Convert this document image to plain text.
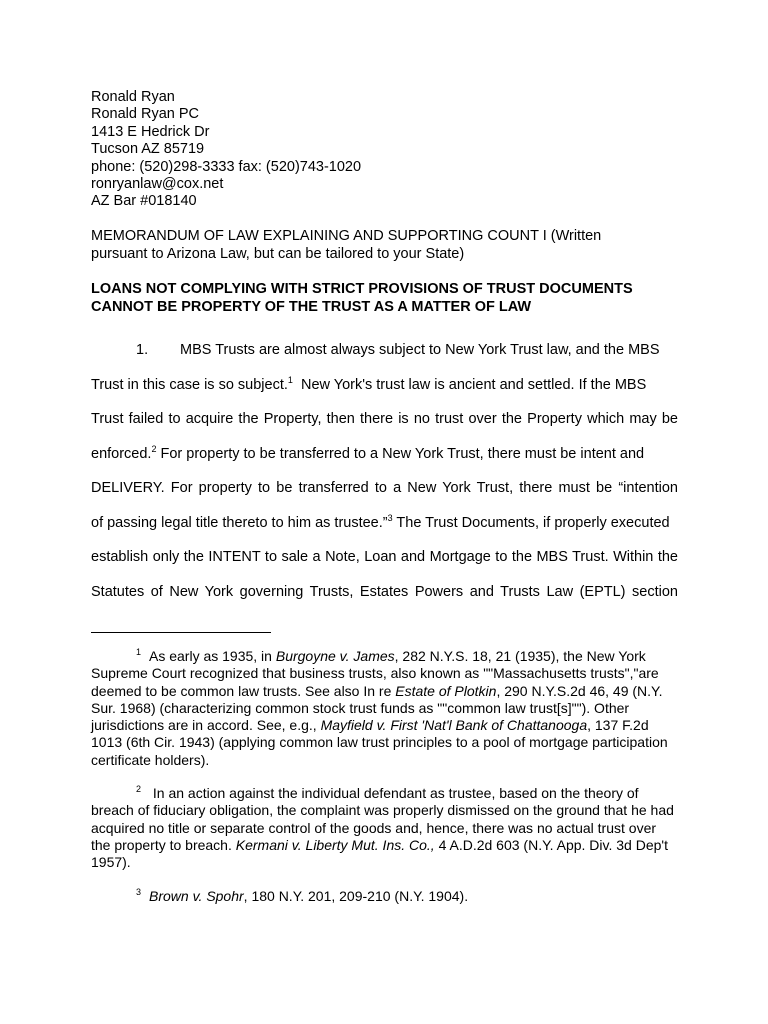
Ronald Ryan
Ronald Ryan PC
1413 E Hedrick Dr
Tucson AZ 85719
phone: (520)298-3333 fax: (520)743-1020
ronryanlaw@cox.net
AZ Bar #018140
MEMORANDUM OF LAW EXPLAINING AND SUPPORTING COUNT I (Written
pursuant to Arizona Law, but can be tailored to your State)
LOANS NOT COMPLYING WITH STRICT PROVISIONS OF TRUST DOCUMENTS
CANNOT BE PROPERTY OF THE TRUST AS A MATTER OF LAW
1. MBS Trusts are almost always subject to New York Trust law, and the MBS
Trust in this case is so subject.$^1$  New York's trust law is ancient and settled. If the MBS
Trust failed to acquire the Property, then there is no trust over the Property which may be
enforced.$^2$ For property to be transferred to a New York Trust, there must be intent and
DELIVERY. For property to be transferred to a New York Trust, there must be “intention
of passing legal title thereto to him as trustee.”$^3$ The Trust Documents, if properly executed
establish only the INTENT to sale a Note, Loan and Mortgage to the MBS Trust. Within the
Statutes of New York governing Trusts, Estates Powers and Trusts Law (EPTL) section
1 As early as 1935, in Burgoyne v. James, 282 N.Y.S. 18, 21 (1935), the New York Supreme Court recognized that business trusts, also known as ""Massachusetts trusts","are deemed to be common law trusts. See also In re Estate of Plotkin, 290 N.Y.S.2d 46, 49 (N.Y. Sur. 1968) (characterizing common stock trust funds as ""common law trust[s]""). Other jurisdictions are in accord. See, e.g., Mayfield v. First 'Nat'l Bank of Chattanooga, 137 F.2d 1013 (6th Cir. 1943) (applying common law trust principles to a pool of mortgage participation certificate holders).
2 In an action against the individual defendant as trustee, based on the theory of breach of fiduciary obligation, the complaint was properly dismissed on the ground that he had acquired no title or separate control of the goods and, hence, there was no actual trust over the property to breach. Kermani v. Liberty Mut. Ins. Co., 4 A.D.2d 603 (N.Y. App. Div. 3d Dep't 1957).
3 Brown v. Spohr, 180 N.Y. 201, 209-210 (N.Y. 1904).
